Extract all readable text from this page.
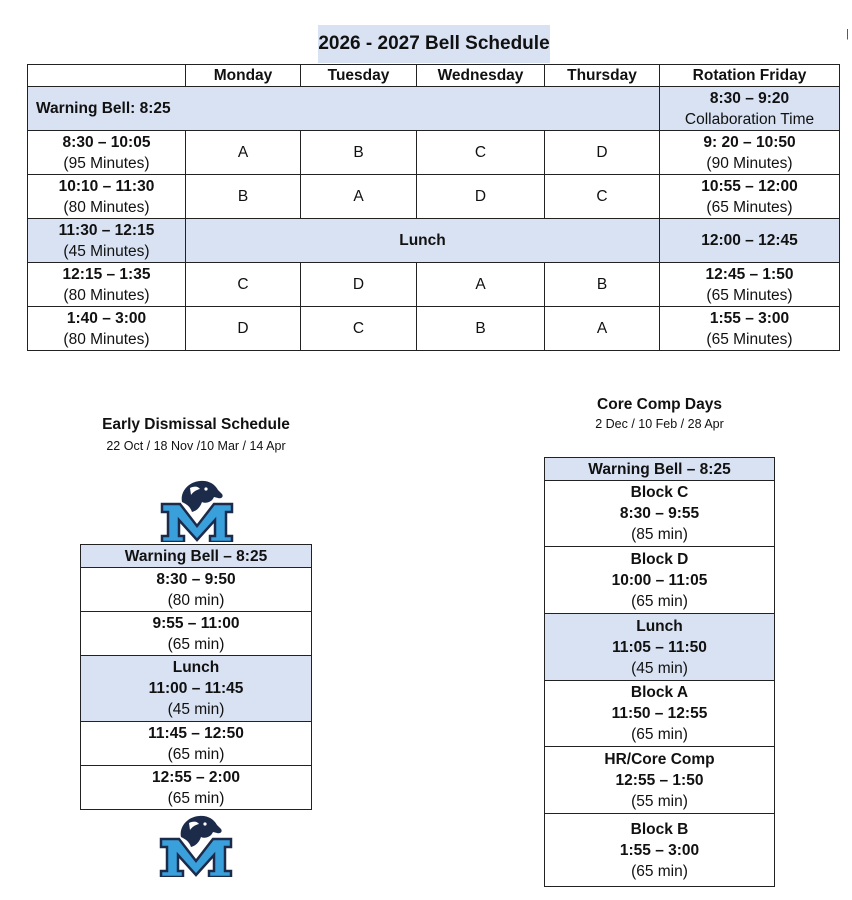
2026 - 2027 Bell Schedule	|
	Monday	Tuesday	Wednesday	Thursday	Rotation Friday

Warning Bell: 8:25					8:30 – 9:20
Collaboration Time

8:30 – 10:05
(95 Minutes)	A	B	C	D	9: 20 – 10:50
(90 Minutes)

10:10 – 11:30
(80 Minutes)	B	A	D	C	10:55 – 12:00
(65 Minutes)

11:30 – 12:15
(45 Minutes)	Lunch				12:00 – 12:45

12:15 – 1:35
(80 Minutes)	C	D	A	B	12:45 – 1:50
(65 Minutes)

1:40 – 3:00
(80 Minutes)	D	C	B	A	1:55 – 3:00
(65 Minutes)
Early Dismissal Schedule
22 Oct / 18 Nov /10 Mar / 14 Apr
Warning Bell – 8:25

8:30 – 9:50
(80 min)

9:55 – 11:00
(65 min)

Lunch
11:00 – 11:45
(45 min)

11:45 – 12:50
(65 min)

12:55 – 2:00
(65 min)
Core Comp Days
2 Dec / 10 Feb / 28 Apr
Warning Bell – 8:25

Block C
8:30 – 9:55
(85 min)

Block D
10:00 – 11:05
(65 min)

Lunch
11:05 – 11:50
(45 min)

Block A
11:50 – 12:55
(65 min)

HR/Core Comp
12:55 – 1:50
(55 min)

Block B
1:55 – 3:00
(65 min)
